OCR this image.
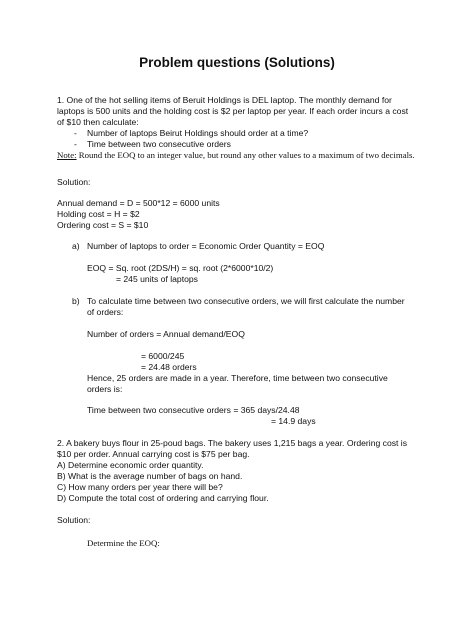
Problem questions (Solutions)
1. One of the hot selling items of Beruit Holdings is DEL laptop. The monthly demand for
laptops is 500 units and the holding cost is $2 per laptop per year. If each order incurs a cost
of $10 then calculate:
- Number of laptops Beirut Holdings should order at a time?
- Time between two consecutive orders
Note: Round the EOQ to an integer value, but round any other values to a maximum of two decimals.
Solution:
Annual demand = D = 500*12 = 6000 units
Holding cost = H = $2
Ordering cost = S = $10
a) Number of laptops to order = Economic Order Quantity = EOQ
EOQ = Sq. root (2DS/H) = sq. root (2*6000*10/2)
= 245 units of laptops
b) To calculate time between two consecutive orders, we will first calculate the number
of orders:
Number of orders = Annual demand/EOQ
= 6000/245
= 24.48 orders
Hence, 25 orders are made in a year. Therefore, time between two consecutive
orders is:
Time between two consecutive orders = 365 days/24.48
= 14.9 days
2. A bakery buys flour in 25-poud bags. The bakery uses 1,215 bags a year. Ordering cost is
$10 per order. Annual carrying cost is $75 per bag.
A) Determine economic order quantity.
B) What is the average number of bags on hand.
C) How many orders per year there will be?
D) Compute the total cost of ordering and carrying flour.
Solution:
Determine the EOQ:
